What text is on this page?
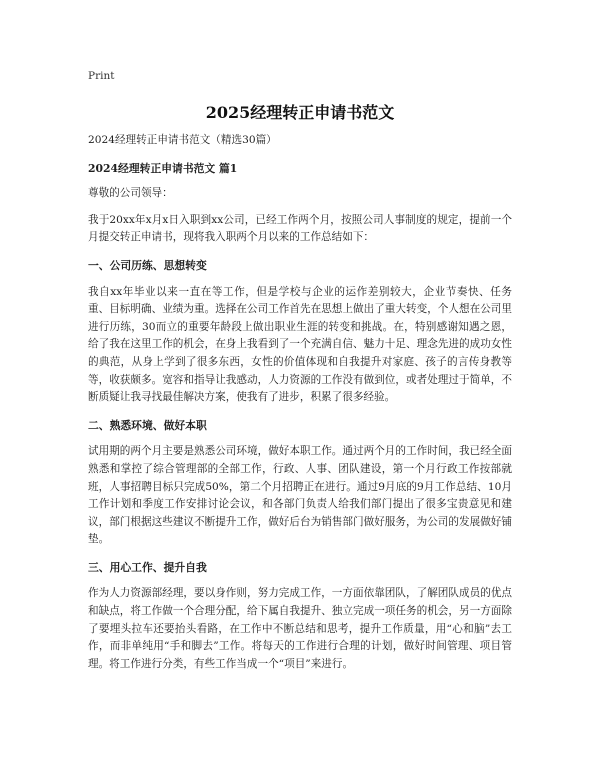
Print
2025经理转正申请书范文

2024经理转正申请书范文（精选30篇）

2024经理转正申请书范文 篇1

尊敬的公司领导：

我于20xx年x月x日入职到xx公司，已经工作两个月，按照公司人事制度的规定，提前一个月提交转正申请书，现将我入职两个月以来的工作总结如下：

一、公司历练、思想转变

我自xx年毕业以来一直在等工作，但是学校与企业的运作差别较大，企业节奏快、任务重、目标明确、业绩为重。选择在公司工作首先在思想上做出了重大转变，个人想在公司里进行历练，30而立的重要年龄段上做出职业生涯的转变和挑战。在，特别感谢知遇之恩，给了我在这里工作的机会，在身上我看到了一个充满自信、魅力十足、理念先进的成功女性的典范，从身上学到了很多东西，女性的价值体现和自我提升对家庭、孩子的言传身教等等，收获颇多。宽容和指导让我感动，人力资源的工作没有做到位，或者处理过于简单，不断质疑让我寻找最佳解决方案，使我有了进步，积累了很多经验。

二、熟悉环境、做好本职

试用期的两个月主要是熟悉公司环境，做好本职工作。通过两个月的工作时间，我已经全面熟悉和掌控了综合管理部的全部工作，行政、人事、团队建设，第一个月行政工作按部就班，人事招聘目标只完成50%，第二个月招聘正在进行。通过9月底的9月工作总结、10月工作计划和季度工作安排讨论会议，和各部门负责人给我们部门提出了很多宝贵意见和建议，部门根据这些建议不断提升工作，做好后台为销售部门做好服务，为公司的发展做好铺垫。

三、用心工作、提升自我

作为人力资源部经理，要以身作则，努力完成工作，一方面依靠团队，了解团队成员的优点和缺点，将工作做一个合理分配，给下属自我提升、独立完成一项任务的机会，另一方面除了要埋头拉车还要抬头看路，在工作中不断总结和思考，提升工作质量，用“心和脑”去工作，而非单纯用“手和脚去”工作。将每天的工作进行合理的计划，做好时间管理、项目管理。将工作进行分类，有些工作当成一个“项目”来进行。
